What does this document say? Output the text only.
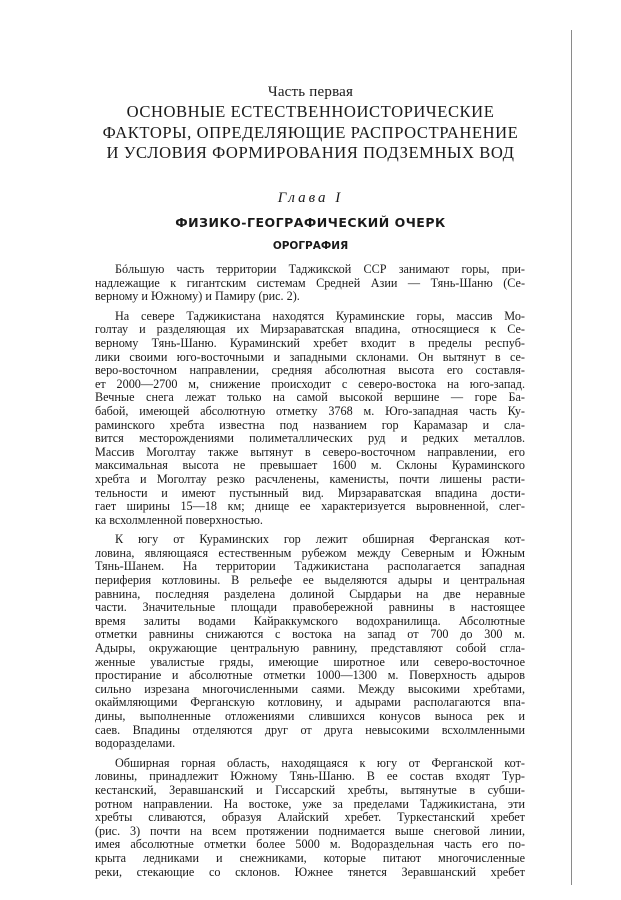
Часть первая
ОСНОВНЫЕ ЕСТЕСТВЕННОИСТОРИЧЕСКИЕ
ФАКТОРЫ, ОПРЕДЕЛЯЮЩИЕ РАСПРОСТРАНЕНИЕ
И УСЛОВИЯ ФОРМИРОВАНИЯ ПОДЗЕМНЫХ ВОД
Глава I
ФИЗИКО-ГЕОГРАФИЧЕСКИЙ ОЧЕРК
ОРОГРАФИЯ
Бóльшую часть территории Таджикской ССР занимают горы, при-
надлежащие к гигантским системам Средней Азии — Тянь-Шаню (Се-
верному и Южному) и Памиру (рис. 2).
На севере Таджикистана находятся Кураминские горы, массив Мо-
голтау и разделяющая их Мирзараватская впадина, относящиеся к Се-
верному Тянь-Шаню. Кураминский хребет входит в пределы респуб-
лики своими юго-восточными и западными склонами. Он вытянут в се-
веро-восточном направлении, средняя абсолютная высота его составля-
ет 2000—2700 м, снижение происходит с северо-востока на юго-запад.
Вечные снега лежат только на самой высокой вершине — горе Ба-
бабой, имеющей абсолютную отметку 3768 м. Юго-западная часть Ку-
раминского хребта известна под названием гор Карамазар и сла-
вится месторождениями полиметаллических руд и редких металлов.
Массив Моголтау также вытянут в северо-восточном направлении, его
максимальная высота не превышает 1600 м. Склоны Кураминского
хребта и Моголтау резко расчленены, каменисты, почти лишены расти-
тельности и имеют пустынный вид. Мирзараватская впадина дости-
гает ширины 15—18 км; днище ее характеризуется выровненной, слег-
ка всхолмленной поверхностью.
К югу от Кураминских гор лежит обширная Ферганская кот-
ловина, являющаяся естественным рубежом между Северным и Южным
Тянь-Шанем. На территории Таджикистана располагается западная
периферия котловины. В рельефе ее выделяются адыры и центральная
равнина, последняя разделена долиной Сырдарьи на две неравные
части. Значительные площади правобережной равнины в настоящее
время залиты водами Кайраккумского водохранилища. Абсолютные
отметки равнины снижаются с востока на запад от 700 до 300 м.
Адыры, окружающие центральную равнину, представляют собой сгла-
женные увалистые гряды, имеющие широтное или северо-восточное
простирание и абсолютные отметки 1000—1300 м. Поверхность адыров
сильно изрезана многочисленными саями. Между высокими хребтами,
окаймляющими Ферганскую котловину, и адырами располагаются впа-
дины, выполненные отложениями слившихся конусов выноса рек и
саев. Впадины отделяются друг от друга невысокими всхолмленными
водоразделами.
Обширная горная область, находящаяся к югу от Ферганской кот-
ловины, принадлежит Южному Тянь-Шаню. В ее состав входят Тур-
кестанский, Зеравшанский и Гиссарский хребты, вытянутые в субши-
ротном направлении. На востоке, уже за пределами Таджикистана, эти
хребты сливаются, образуя Алайский хребет. Туркестанский хребет
(рис. 3) почти на всем протяжении поднимается выше снеговой линии,
имея абсолютные отметки более 5000 м. Водораздельная часть его по-
крыта ледниками и снежниками, которые питают многочисленные
реки, стекающие со склонов. Южнее тянется Зеравшанский хребет
